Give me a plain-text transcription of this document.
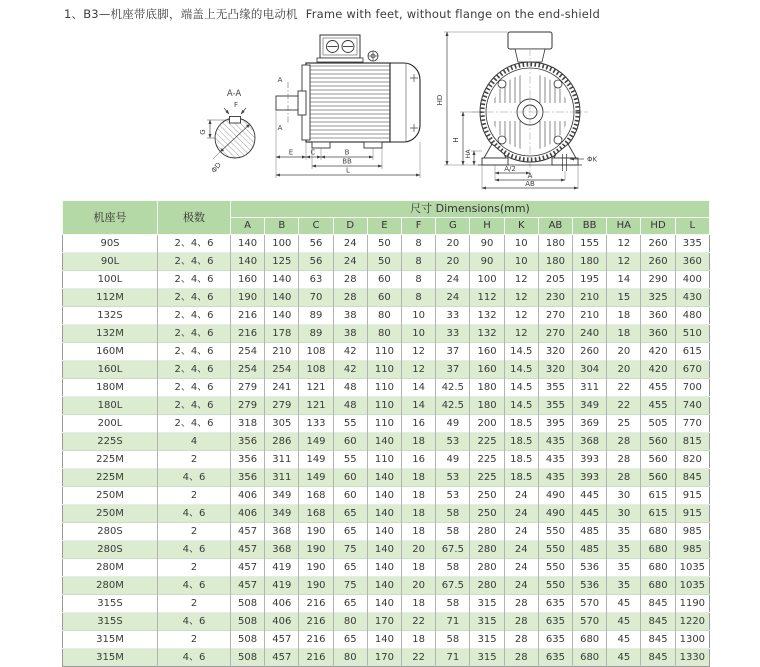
1、B3—机座带底脚，端盖上无凸缘的电动机 Frame with feet, without flange on the end-shield
A-A
F
G
ΦD
A
A
E C	B
BB
L
ΦK
HD
H
HA
A/2
A
AB
机座号	极数	尺寸 Dimensions(mm)													
		A	B	C	D	E	F	G	H	K	AB	BB	HA	HD	L
90S	2、4、6	140	100	56	24	50	8	20	90	10	180	155	12	260	335
90L	2、4、6	140	125	56	24	50	8	20	90	10	180	180	12	260	360
100L	2、4、6	160	140	63	28	60	8	24	100	12	205	195	14	290	400
112M	2、4、6	190	140	70	28	60	8	24	112	12	230	210	15	325	430
132S	2、4、6	216	140	89	38	80	10	33	132	12	270	210	18	360	480
132M	2、4、6	216	178	89	38	80	10	33	132	12	270	240	18	360	510
160M	2、4、6	254	210	108	42	110	12	37	160	14.5	320	260	20	420	615
160L	2、4、6	254	254	108	42	110	12	37	160	14.5	320	304	20	420	670
180M	2、4、6	279	241	121	48	110	14	42.5	180	14.5	355	311	22	455	700
180L	2、4、6	279	279	121	48	110	14	42.5	180	14.5	355	349	22	455	740
200L	2、4、6	318	305	133	55	110	16	49	200	18.5	395	369	25	505	770
225S	4	356	286	149	60	140	18	53	225	18.5	435	368	28	560	815
225M	2	356	311	149	55	110	16	49	225	18.5	435	393	28	560	820
225M	4、6	356	311	149	60	140	18	53	225	18.5	435	393	28	560	845
250M	2	406	349	168	60	140	18	53	250	24	490	445	30	615	915
250M	4、6	406	349	168	65	140	18	58	250	24	490	445	30	615	915
280S	2	457	368	190	65	140	18	58	280	24	550	485	35	680	985
280S	4、6	457	368	190	75	140	20	67.5	280	24	550	485	35	680	985
280M	2	457	419	190	65	140	18	58	280	24	550	536	35	680	1035
280M	4、6	457	419	190	75	140	20	67.5	280	24	550	536	35	680	1035
315S	2	508	406	216	65	140	18	58	315	28	635	570	45	845	1190
315S	4、6	508	406	216	80	170	22	71	315	28	635	570	45	845	1220
315M	2	508	457	216	65	140	18	58	315	28	635	680	45	845	1300
315M	4、6	508	457	216	80	170	22	71	315	28	635	680	45	845	1330
